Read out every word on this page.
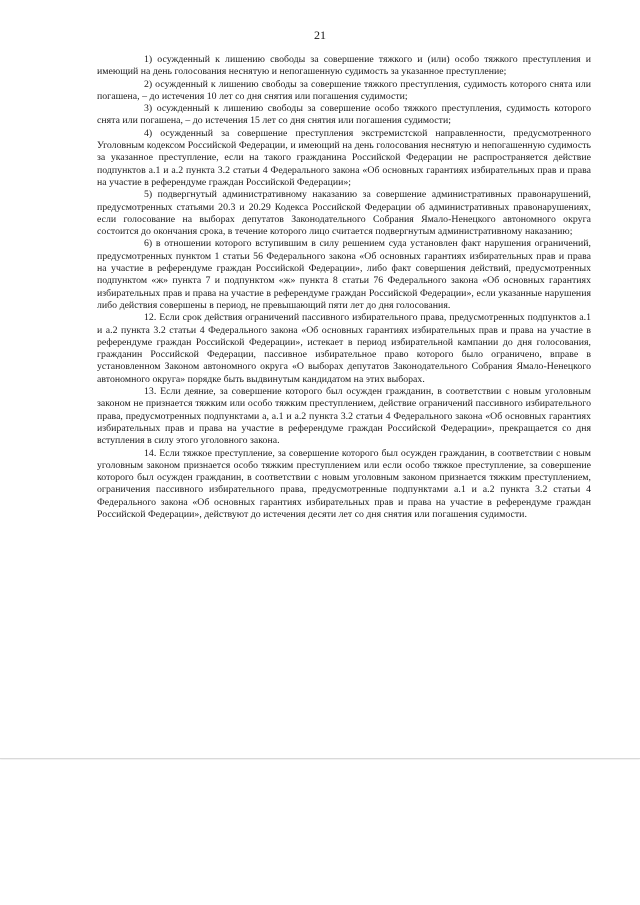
21

1) осужденный к лишению свободы за совершение тяжкого и (или) особо тяжкого преступления и имеющий на день голосования неснятую и непогашенную судимость за указанное преступление;

2) осужденный к лишению свободы за совершение тяжкого преступления, судимость которого снята или погашена, – до истечения 10 лет со дня снятия или погашения судимости;

3) осужденный к лишению свободы за совершение особо тяжкого преступления, судимость которого снята или погашена, – до истечения 15 лет со дня снятия или погашения судимости;

4) осужденный за совершение преступления экстремистской направленности, предусмотренного Уголовным кодексом Российской Федерации, и имеющий на день голосования неснятую и непогашенную судимость за указанное преступление, если на такого гражданина Российской Федерации не распространяется действие подпунктов а.1 и а.2 пункта 3.2 статьи 4 Федерального закона «Об основных гарантиях избирательных прав и права на участие в референдуме граждан Российской Федерации»;

5) подвергнутый административному наказанию за совершение административных правонарушений, предусмотренных статьями 20.3 и 20.29 Кодекса Российской Федерации об административных правонарушениях, если голосование на выборах депутатов Законодательного Собрания Ямало-Ненецкого автономного округа состоится до окончания срока, в течение которого лицо считается подвергнутым административному наказанию;

6) в отношении которого вступившим в силу решением суда установлен факт нарушения ограничений, предусмотренных пунктом 1 статьи 56 Федерального закона «Об основных гарантиях избирательных прав и права на участие в референдуме граждан Российской Федерации», либо факт совершения действий, предусмотренных подпунктом «ж» пункта 7 и подпунктом «ж» пункта 8 статьи 76 Федерального закона «Об основных гарантиях избирательных прав и права на участие в референдуме граждан Российской Федерации», если указанные нарушения либо действия совершены в период, не превышающий пяти лет до дня голосования.

12. Если срок действия ограничений пассивного избирательного права, предусмотренных подпунктов а.1 и а.2 пункта 3.2 статьи 4 Федерального закона «Об основных гарантиях избирательных прав и права на участие в референдуме граждан Российской Федерации», истекает в период избирательной кампании до дня голосования, гражданин Российской Федерации, пассивное избирательное право которого было ограничено, вправе в установленном Законом автономного округа «О выборах депутатов Законодательного Собрания Ямало-Ненецкого автономного округа» порядке быть выдвинутым кандидатом на этих выборах.

13. Если деяние, за совершение которого был осужден гражданин, в соответствии с новым уголовным законом не признается тяжким или особо тяжким преступлением, действие ограничений пассивного избирательного права, предусмотренных подпунктами а, а.1 и а.2 пункта 3.2 статьи 4 Федерального закона «Об основных гарантиях избирательных прав и права на участие в референдуме граждан Российской Федерации», прекращается со дня вступления в силу этого уголовного закона.

14. Если тяжкое преступление, за совершение которого был осужден гражданин, в соответствии с новым уголовным законом признается особо тяжким преступлением или если особо тяжкое преступление, за совершение которого был осужден гражданин, в соответствии с новым уголовным законом признается тяжким преступлением, ограничения пассивного избирательного права, предусмотренные подпунктами а.1 и а.2 пункта 3.2 статьи 4 Федерального закона «Об основных гарантиях избирательных прав и права на участие в референдуме граждан Российской Федерации», действуют до истечения десяти лет со дня снятия или погашения судимости.
